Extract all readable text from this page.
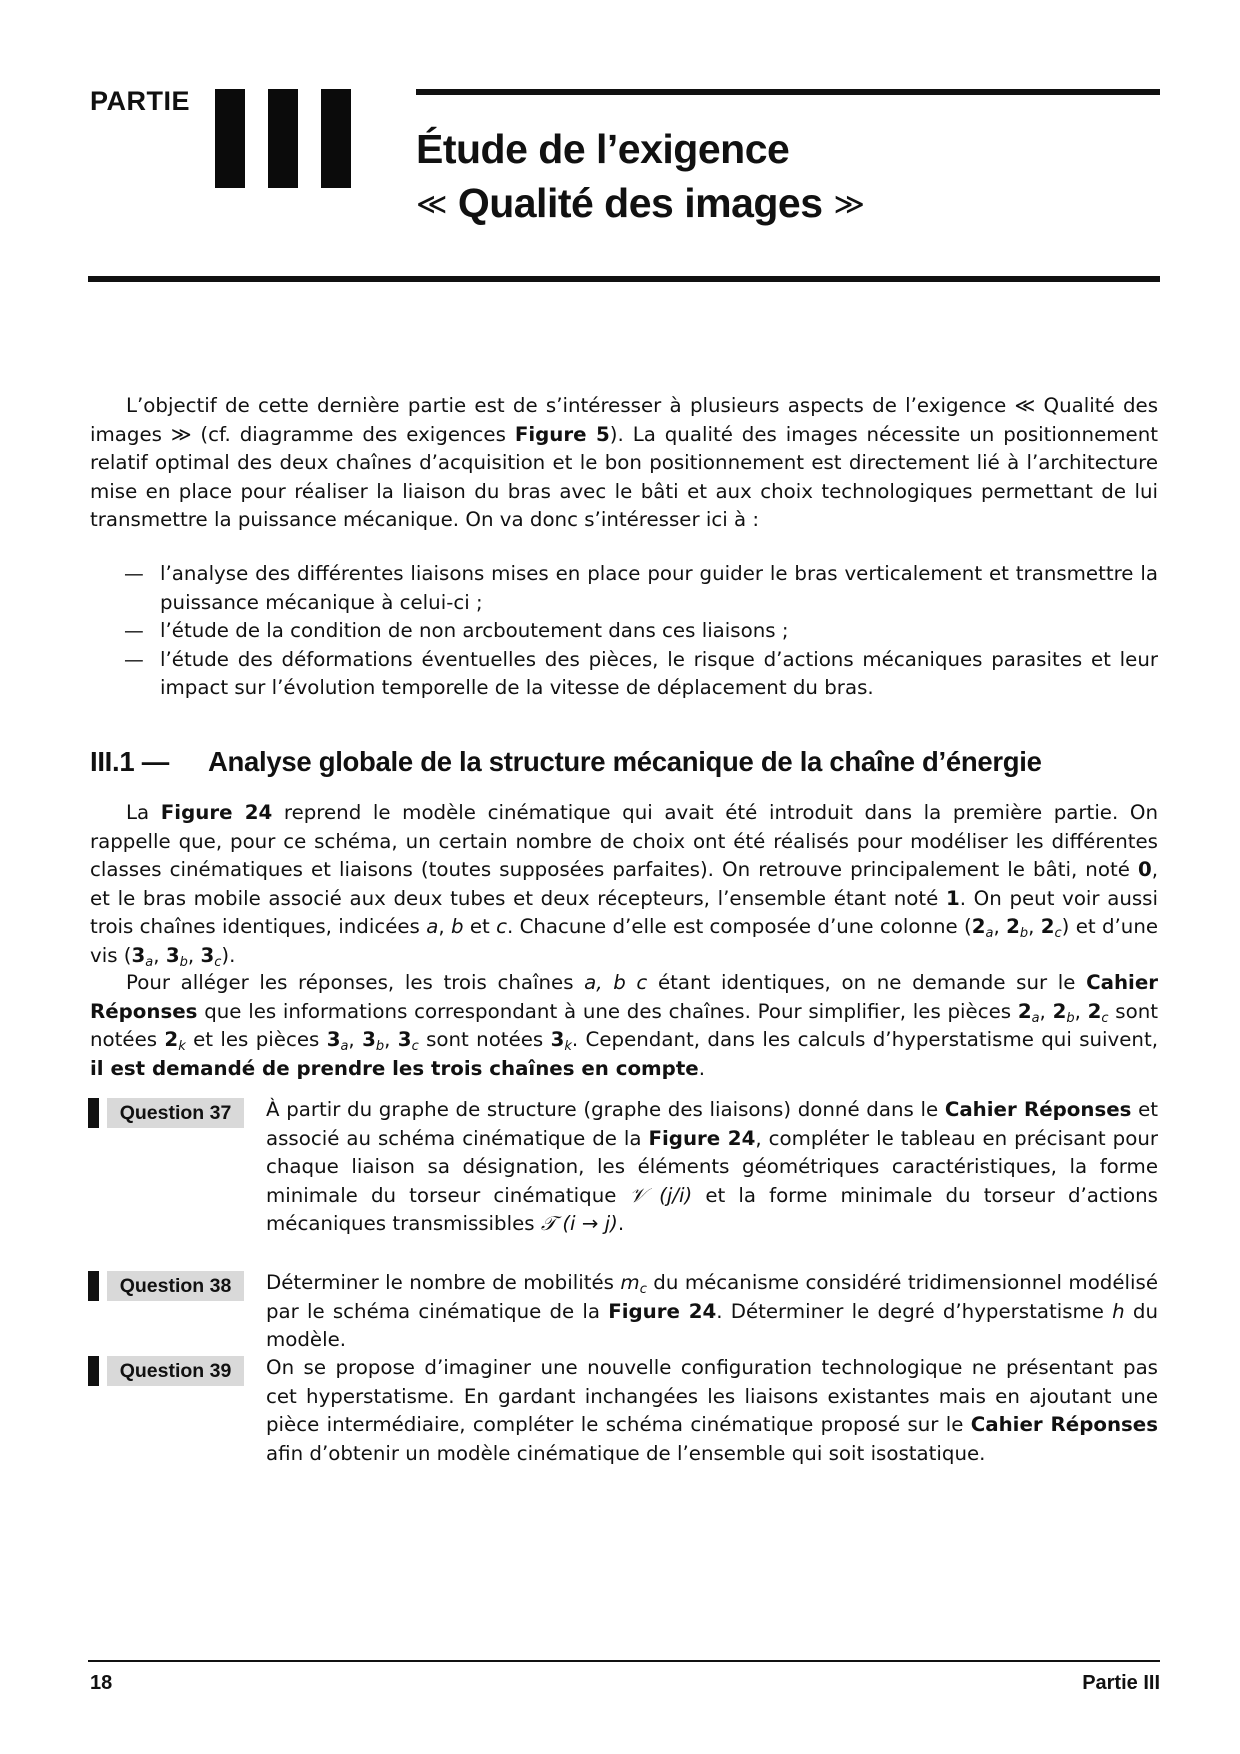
PARTIE
Étude de l’exigence
≪ Qualité des images ≫

L’objectif de cette dernière partie est de s’intéresser à plusieurs aspects de l’exigence ≪ Qualité des images ≫ (cf. diagramme des exigences Figure 5). La qualité des images nécessite un positionnement relatif optimal des deux chaînes d’acquisition et le bon positionnement est directement lié à l’architecture mise en place pour réaliser la liaison du bras avec le bâti et aux choix technologiques permettant de lui transmettre la puissance mécanique. On va donc s’intéresser ici à :

— l’analyse des différentes liaisons mises en place pour guider le bras verticalement et transmettre la puissance mécanique à celui-ci ;
— l’étude de la condition de non arcboutement dans ces liaisons ;
— l’étude des déformations éventuelles des pièces, le risque d’actions mécaniques parasites et leur impact sur l’évolution temporelle de la vitesse de déplacement du bras.
III.1 — Analyse globale de la structure mécanique de la chaîne d’énergie

La Figure 24 reprend le modèle cinématique qui avait été introduit dans la première partie. On rappelle que, pour ce schéma, un certain nombre de choix ont été réalisés pour modéliser les différentes classes cinématiques et liaisons (toutes supposées parfaites). On retrouve principalement le bâti, noté 0, et le bras mobile associé aux deux tubes et deux récepteurs, l’ensemble étant noté 1. On peut voir aussi trois chaînes identiques, indicées a, b et c. Chacune d’elle est composée d’une colonne ($2_a$, $2_b$, $2_c$) et d’une vis ($3_a$, $3_b$, $3_c$).

Pour alléger les réponses, les trois chaînes a, b c étant identiques, on ne demande sur le Cahier Réponses que les informations correspondant à une des chaînes. Pour simplifier, les pièces $2_a$, $2_b$, $2_c$ sont notées $2_k$ et les pièces $3_a$, $3_b$, $3_c$ sont notées $3_k$. Cependant, dans les calculs d’hyperstatisme qui suivent, il est demandé de prendre les trois chaînes en compte.

Question 37	À partir du graphe de structure (graphe des liaisons) donné dans le Cahier Réponses et associé au schéma cinématique de la Figure 24, compléter le tableau en précisant pour chaque liaison sa désignation, les éléments géométriques caractéristiques, la forme minimale du torseur cinématique 𝒱 (j/i) et la forme minimale du torseur d’actions mécaniques transmissibles 𝒯 (i → j).
Question 38	Déterminer le nombre de mobilités $m_c$ du mécanisme considéré tridimensionnel modélisé par le schéma cinématique de la Figure 24. Déterminer le degré d’hyperstatisme h du modèle.
Question 39	On se propose d’imaginer une nouvelle configuration technologique ne présentant pas cet hyperstatisme. En gardant inchangées les liaisons existantes mais en ajoutant une pièce intermédiaire, compléter le schéma cinématique proposé sur le Cahier Réponses afin d’obtenir un modèle cinématique de l’ensemble qui soit isostatique.
18	Partie III
